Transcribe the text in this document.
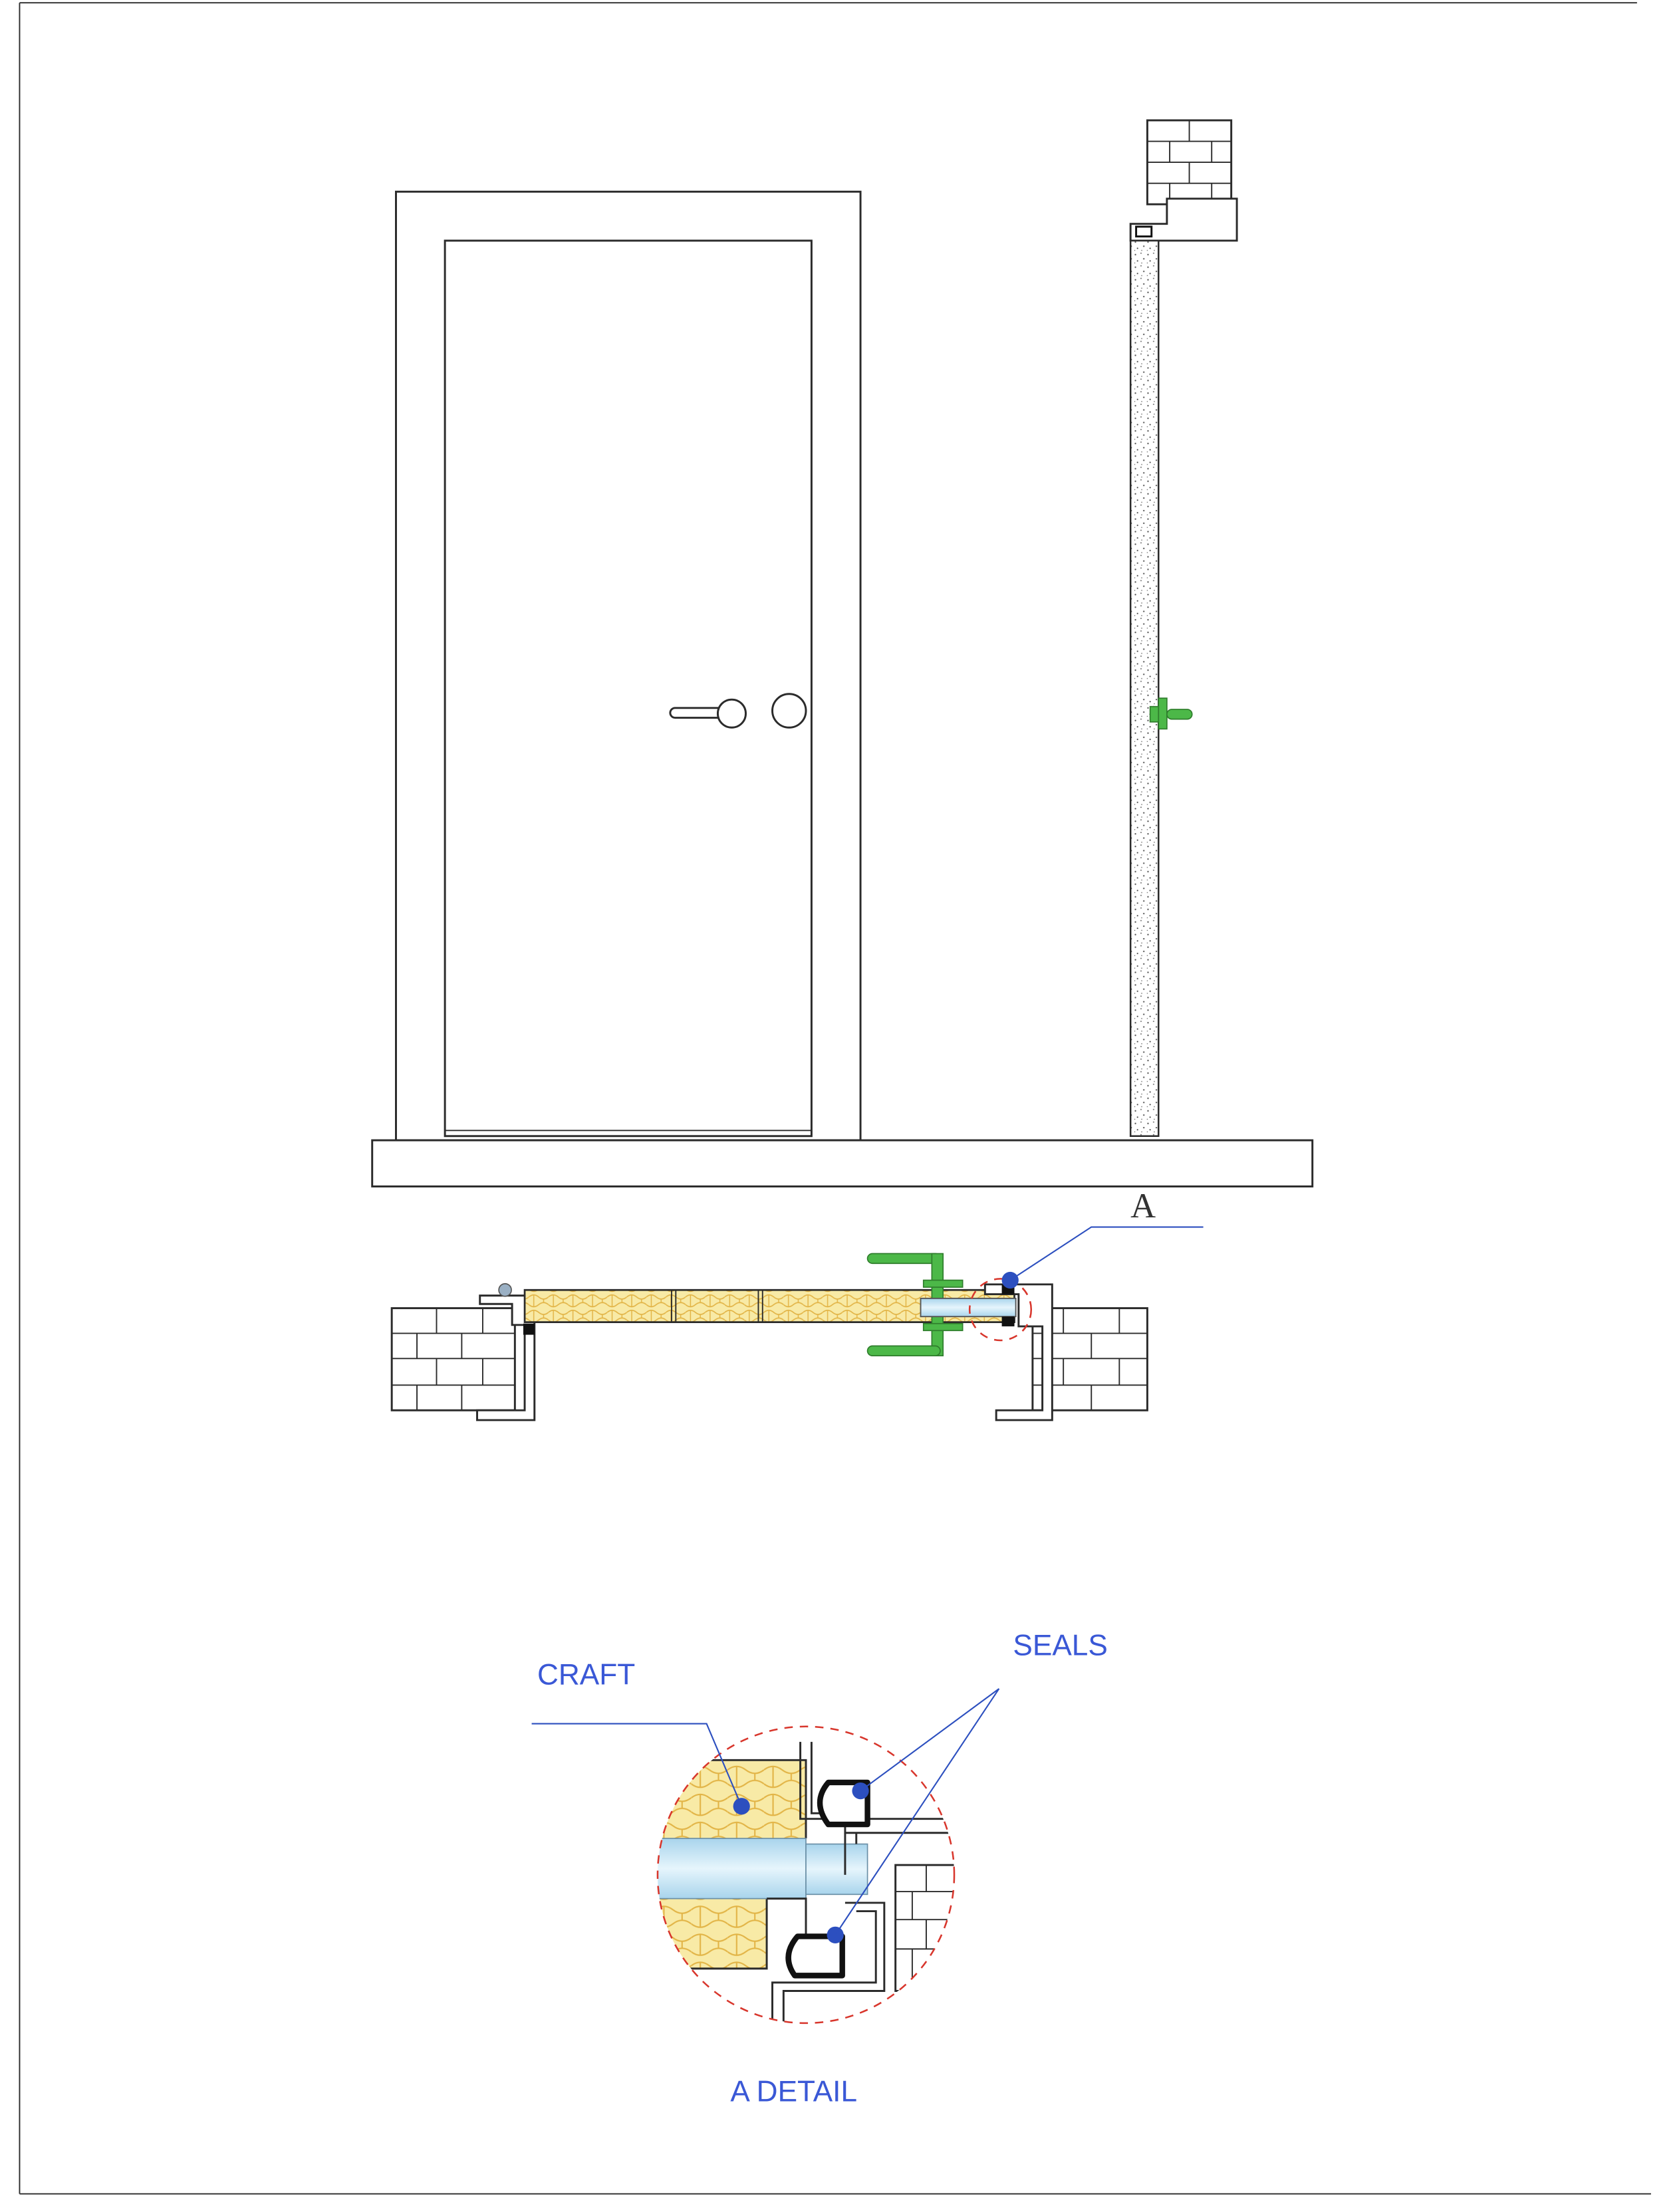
A
CRAFT
SEALS
A DETAIL
